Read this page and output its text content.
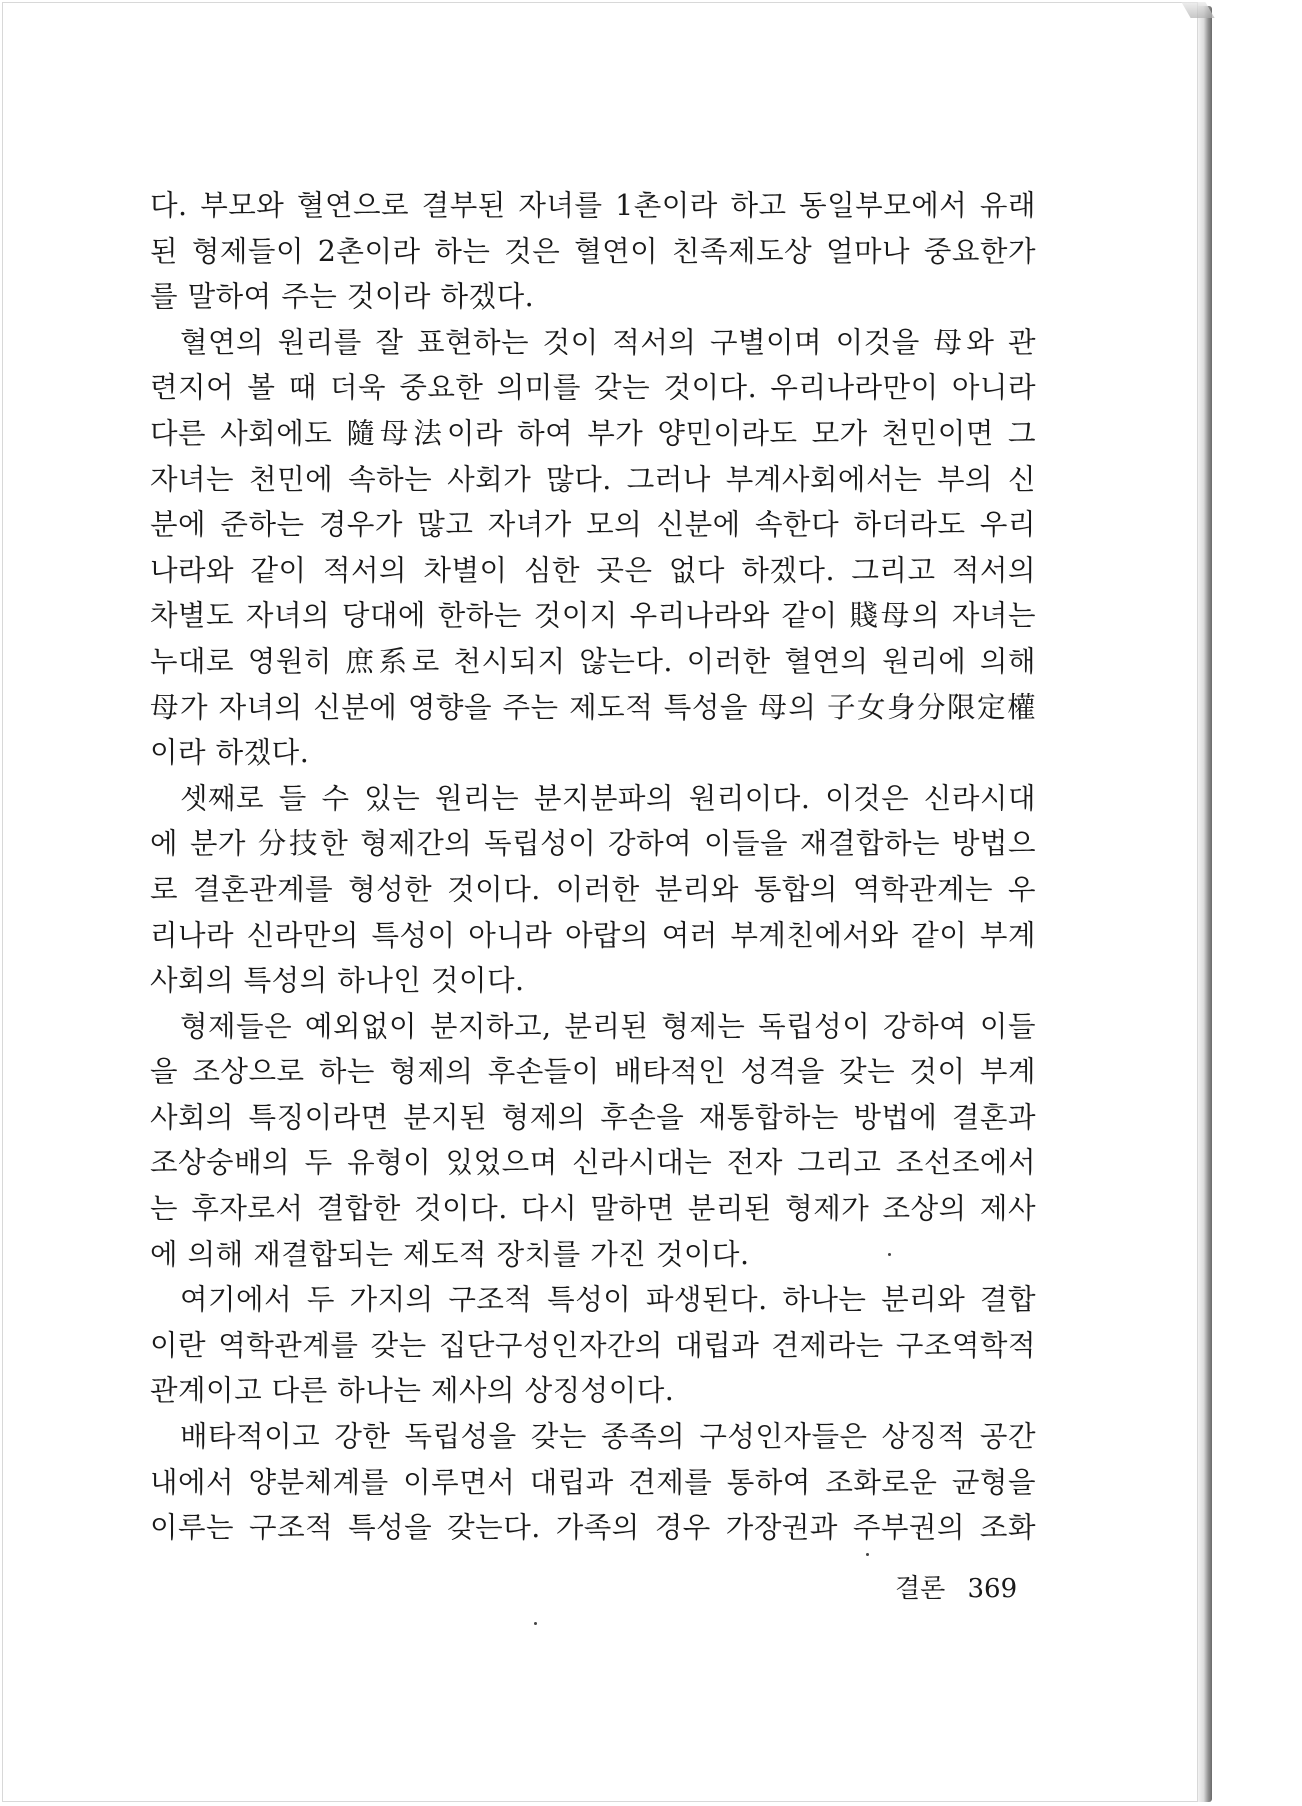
다. 부모와 혈연으로 결부된 자녀를 1촌이라 하고 동일부모에서 유래
된 형제들이 2촌이라 하는 것은 혈연이 친족제도상 얼마나 중요한가
를 말하여 주는 것이라 하겠다.
혈연의 원리를 잘 표현하는 것이 적서의 구별이며 이것을 母와 관
련지어 볼 때 더욱 중요한 의미를 갖는 것이다. 우리나라만이 아니라
다른 사회에도 隨母法이라 하여 부가 양민이라도 모가 천민이면 그
자녀는 천민에 속하는 사회가 많다. 그러나 부계사회에서는 부의 신
분에 준하는 경우가 많고 자녀가 모의 신분에 속한다 하더라도 우리
나라와 같이 적서의 차별이 심한 곳은 없다 하겠다. 그리고 적서의
차별도 자녀의 당대에 한하는 것이지 우리나라와 같이 賤母의 자녀는
누대로 영원히 庶系로 천시되지 않는다. 이러한 혈연의 원리에 의해
母가 자녀의 신분에 영향을 주는 제도적 특성을 母의 子女身分限定權
이라 하겠다.
셋째로 들 수 있는 원리는 분지분파의 원리이다. 이것은 신라시대
에 분가 分技한 형제간의 독립성이 강하여 이들을 재결합하는 방법으
로 결혼관계를 형성한 것이다. 이러한 분리와 통합의 역학관계는 우
리나라 신라만의 특성이 아니라 아랍의 여러 부계친에서와 같이 부계
사회의 특성의 하나인 것이다.
형제들은 예외없이 분지하고, 분리된 형제는 독립성이 강하여 이들
을 조상으로 하는 형제의 후손들이 배타적인 성격을 갖는 것이 부계
사회의 특징이라면 분지된 형제의 후손을 재통합하는 방법에 결혼과
조상숭배의 두 유형이 있었으며 신라시대는 전자 그리고 조선조에서
는 후자로서 결합한 것이다. 다시 말하면 분리된 형제가 조상의 제사
에 의해 재결합되는 제도적 장치를 가진 것이다.
여기에서 두 가지의 구조적 특성이 파생된다. 하나는 분리와 결합
이란 역학관계를 갖는 집단구성인자간의 대립과 견제라는 구조역학적
관계이고 다른 하나는 제사의 상징성이다.
배타적이고 강한 독립성을 갖는 종족의 구성인자들은 상징적 공간
내에서 양분체계를 이루면서 대립과 견제를 통하여 조화로운 균형을
이루는 구조적 특성을 갖는다. 가족의 경우 가장권과 주부권의 조화
결론 369
